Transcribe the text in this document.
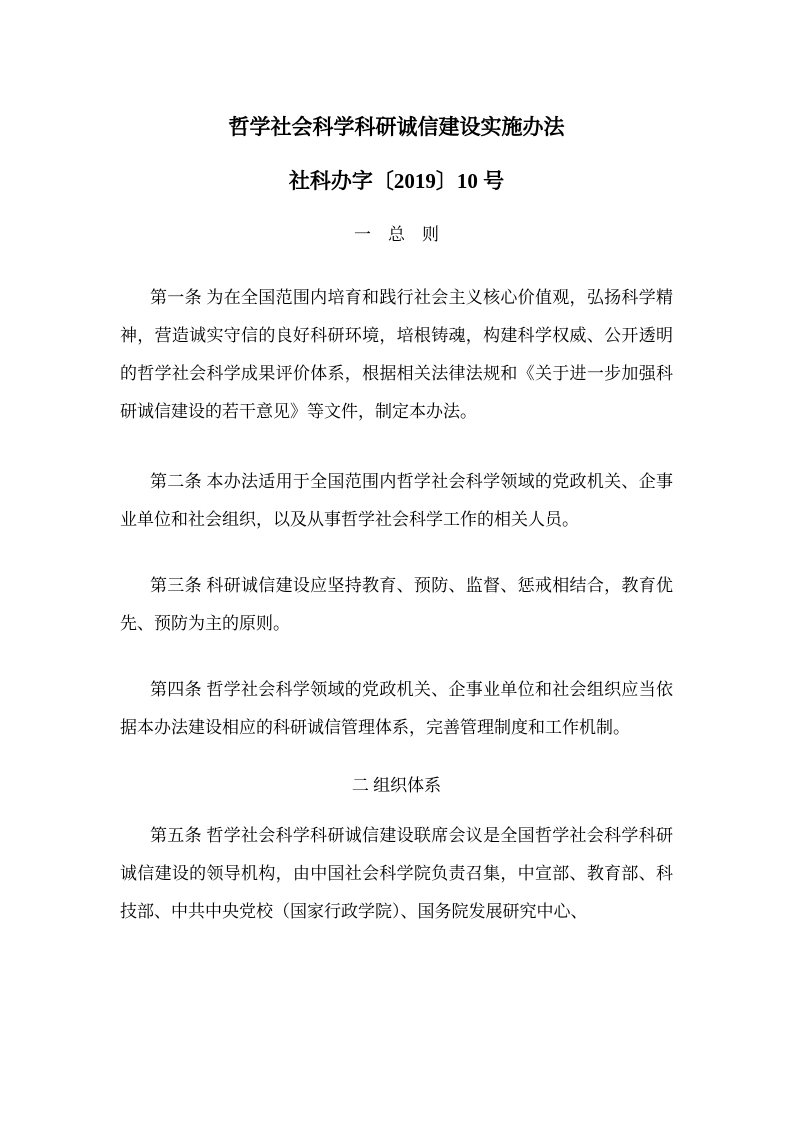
哲学社会科学科研诚信建设实施办法
社科办字〔2019〕10 号
一　总　则

第一条 为在全国范围内培育和践行社会主义核心价值观，弘扬科学精神，营造诚实守信的良好科研环境，培根铸魂，构建科学权威、公开透明的哲学社会科学成果评价体系，根据相关法律法规和《关于进一步加强科研诚信建设的若干意见》等文件，制定本办法。

第二条 本办法适用于全国范围内哲学社会科学领域的党政机关、企事业单位和社会组织，以及从事哲学社会科学工作的相关人员。

第三条 科研诚信建设应坚持教育、预防、监督、惩戒相结合，教育优先、预防为主的原则。

第四条 哲学社会科学领域的党政机关、企事业单位和社会组织应当依据本办法建设相应的科研诚信管理体系，完善管理制度和工作机制。

二 组织体系

第五条 哲学社会科学科研诚信建设联席会议是全国哲学社会科学科研诚信建设的领导机构，由中国社会科学院负责召集，中宣部、教育部、科技部、中共中央党校（国家行政学院）、国务院发展研究中心、
